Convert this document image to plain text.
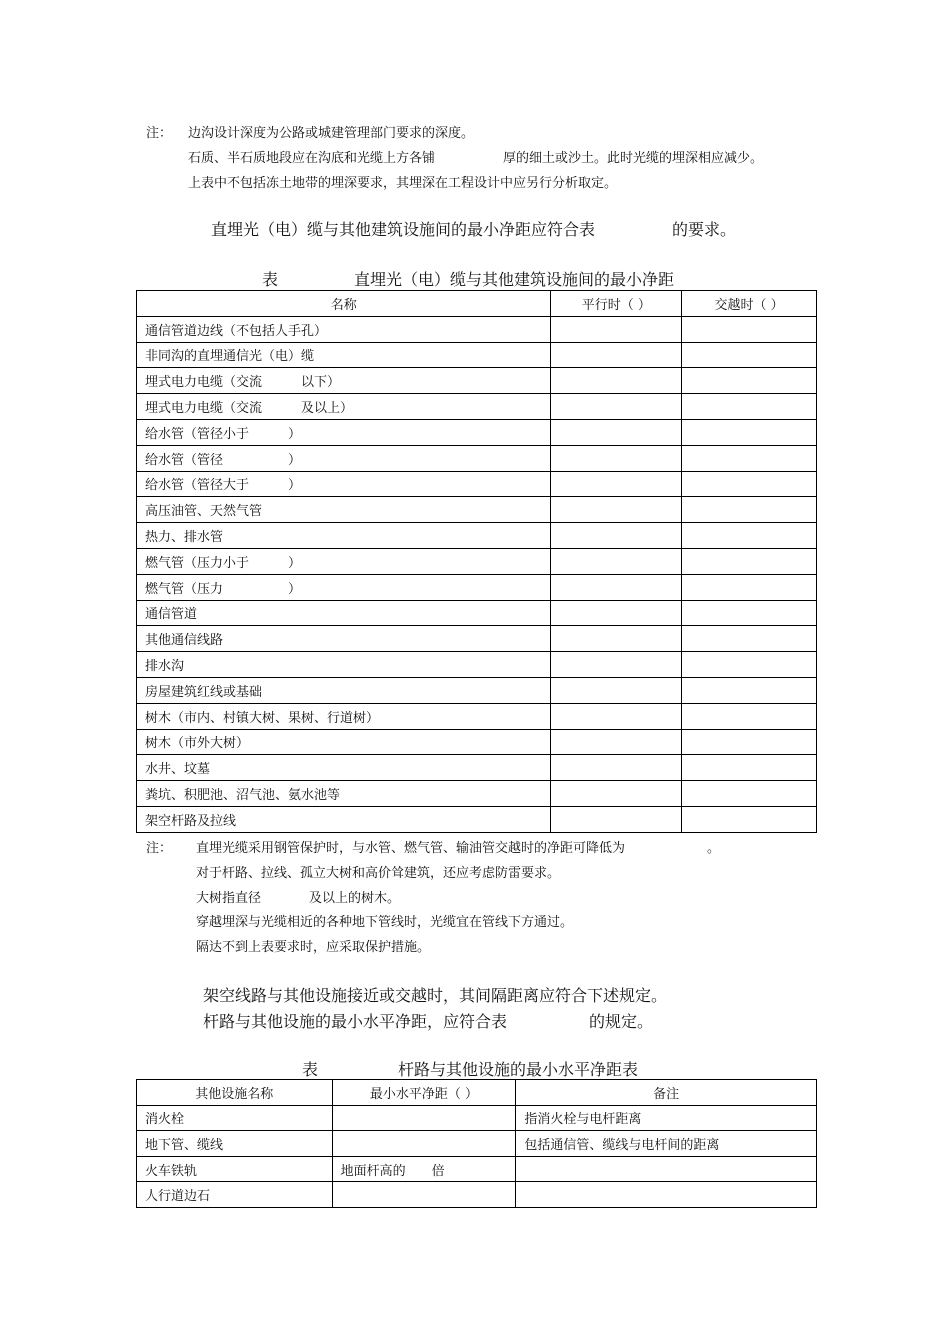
注： 边沟设计深度为公路或城建管理部门要求的深度。
石质、半石质地段应在沟底和光缆上方各铺	厚的细土或沙土。此时光缆的埋深相应减少。
上表中不包括冻土地带的埋深要求，其埋深在工程设计中应另行分析取定。
直埋光（电）缆与其他建筑设施间的最小净距应符合表	的要求。
表	直埋光（电）缆与其他建筑设施间的最小净距
名称	平行时（ ）	交越时（ ）
通信管道边线（不包括人手孔）		
非同沟的直埋通信光（电）缆		
埋式电力电缆（交流　　　以下）		
埋式电力电缆（交流　　　及以上）		
给水管（管径小于　　　）		
给水管（管径　　　　　）		
给水管（管径大于　　　）		
高压油管、天然气管		
热力、排水管		
燃气管（压力小于　　　）		
燃气管（压力　　　　　）		
通信管道		
其他通信线路		
排水沟		
房屋建筑红线或基础		
树木（市内、村镇大树、果树、行道树）		
树木（市外大树）		
水井、坟墓		
粪坑、积肥池、沼气池、氨水池等		
架空杆路及拉线		
注： 直埋光缆采用钢管保护时，与水管、燃气管、输油管交越时的净距可降低为	。
对于杆路、拉线、孤立大树和高价耸建筑，还应考虑防雷要求。
大树指直径	及以上的树木。
穿越埋深与光缆相近的各种地下管线时，光缆宜在管线下方通过。
隔达不到上表要求时，应采取保护措施。
架空线路与其他设施接近或交越时，其间隔距离应符合下述规定。
杆路与其他设施的最小水平净距，应符合表	的规定。
表	杆路与其他设施的最小水平净距表
其他设施名称	最小水平净距（ ）	备注
消火栓		指消火栓与电杆距离
地下管、缆线		包括通信管、缆线与电杆间的距离
火车铁轨	地面杆高的　　倍	
人行道边石		
